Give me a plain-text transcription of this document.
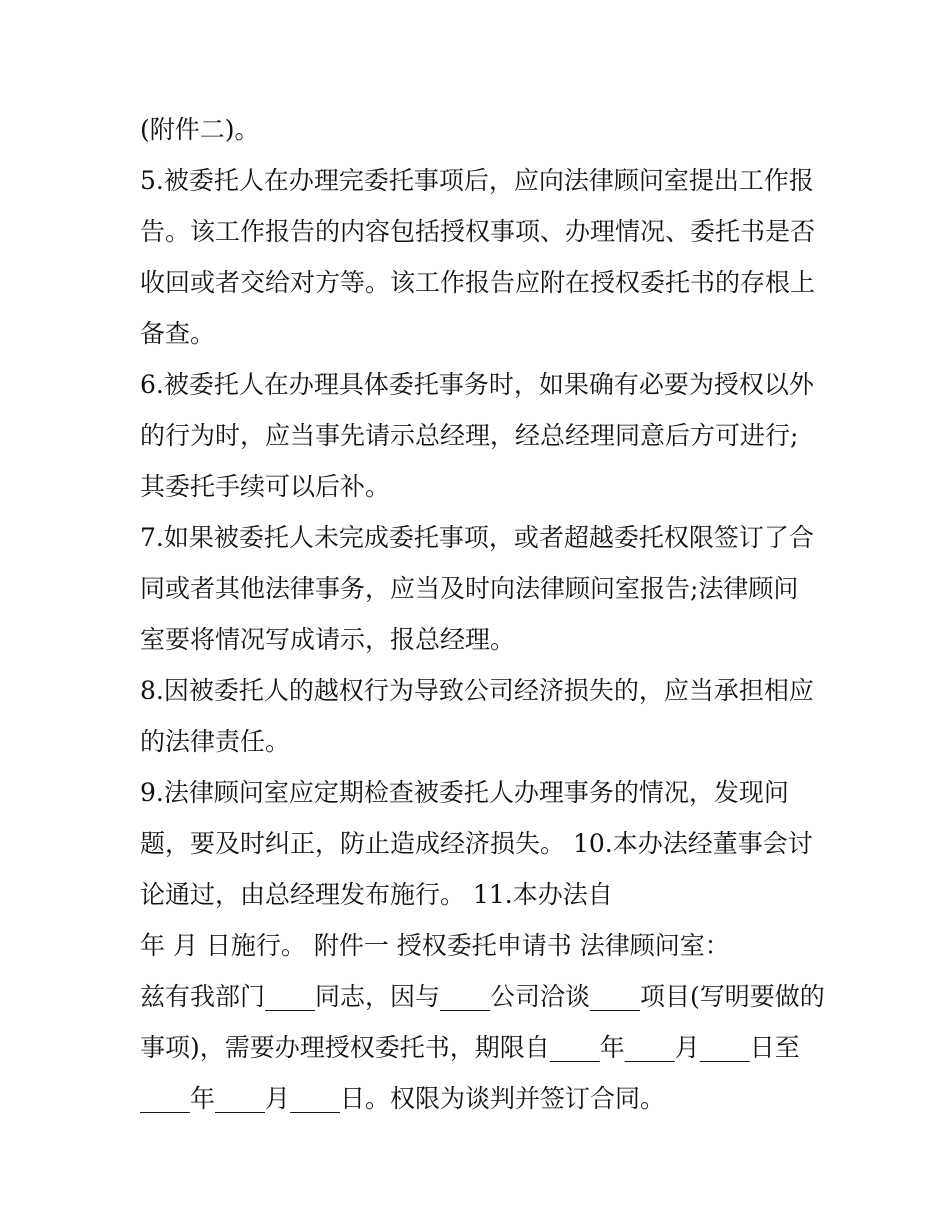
(附件二)。
5.被委托人在办理完委托事项后，应向法律顾问室提出工作报
告。该工作报告的内容包括授权事项、办理情况、委托书是否
收回或者交给对方等。该工作报告应附在授权委托书的存根上
备查。
6.被委托人在办理具体委托事务时，如果确有必要为授权以外
的行为时，应当事先请示总经理，经总经理同意后方可进行;
其委托手续可以后补。
7.如果被委托人未完成委托事项，或者超越委托权限签订了合
同或者其他法律事务，应当及时向法律顾问室报告;法律顾问
室要将情况写成请示，报总经理。
8.因被委托人的越权行为导致公司经济损失的，应当承担相应
的法律责任。
9.法律顾问室应定期检查被委托人办理事务的情况，发现问
题，要及时纠正，防止造成经济损失。 10.本办法经董事会讨
论通过，由总经理发布施行。 11.本办法自
年 月 日施行。 附件一 授权委托申请书 法律顾问室：
兹有我部门____同志，因与____公司洽谈____项目(写明要做的
事项)，需要办理授权委托书，期限自____年____月____日至
____年____月____日。权限为谈判并签订合同。
